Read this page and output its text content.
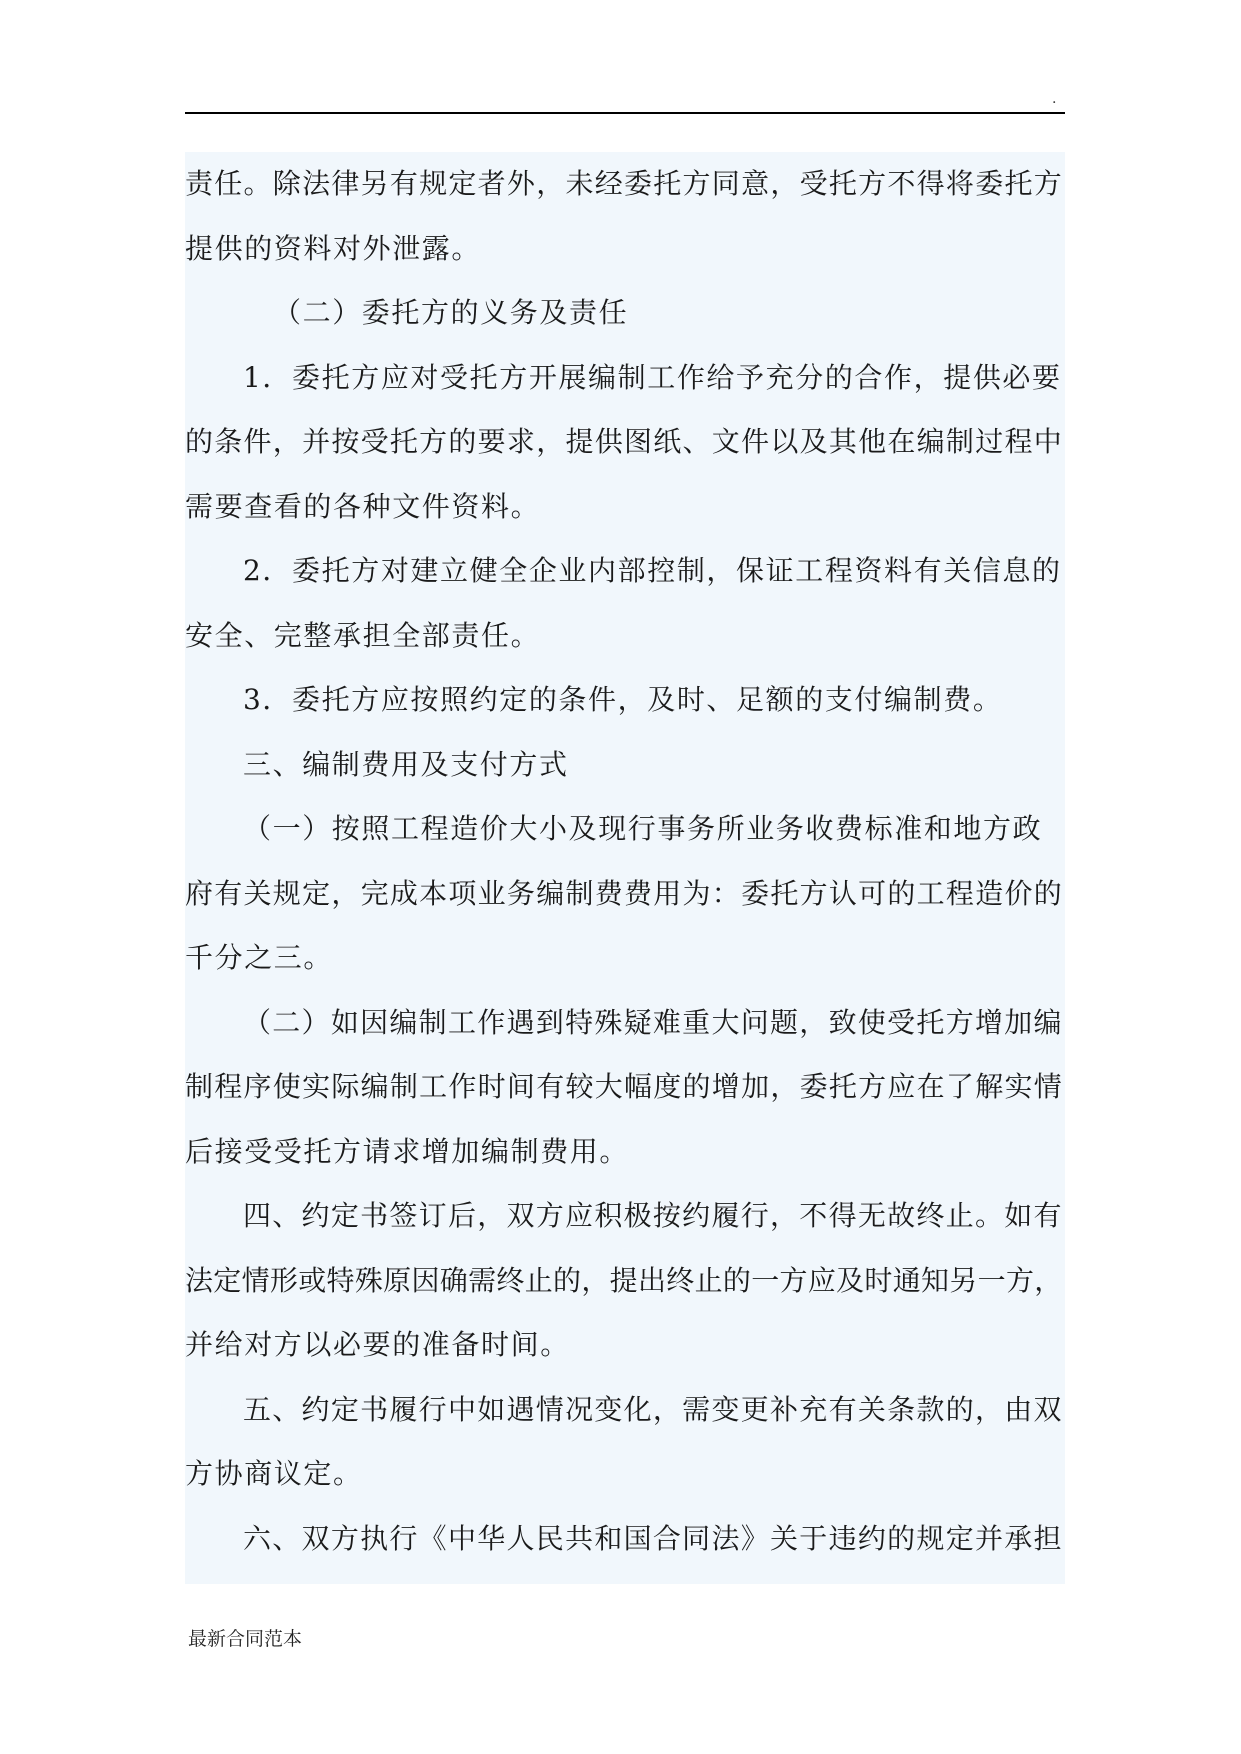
.
责任。除法律另有规定者外，未经委托方同意，受托方不得将委托方
提供的资料对外泄露。
（二）委托方的义务及责任
1．委托方应对受托方开展编制工作给予充分的合作，提供必要
的条件，并按受托方的要求，提供图纸、文件以及其他在编制过程中
需要查看的各种文件资料。
2．委托方对建立健全企业内部控制，保证工程资料有关信息的
安全、完整承担全部责任。
3．委托方应按照约定的条件，及时、足额的支付编制费。
三、编制费用及支付方式
（一）按照工程造价大小及现行事务所业务收费标准和地方政
府有关规定，完成本项业务编制费费用为：委托方认可的工程造价的
千分之三。
（二）如因编制工作遇到特殊疑难重大问题，致使受托方增加编
制程序使实际编制工作时间有较大幅度的增加，委托方应在了解实情
后接受受托方请求增加编制费用。
四、约定书签订后，双方应积极按约履行，不得无故终止。如有
法定情形或特殊原因确需终止的，提出终止的一方应及时通知另一方，
并给对方以必要的准备时间。
五、约定书履行中如遇情况变化，需变更补充有关条款的，由双
方协商议定。
六、双方执行《中华人民共和国合同法》关于违约的规定并承担
最新合同范本
